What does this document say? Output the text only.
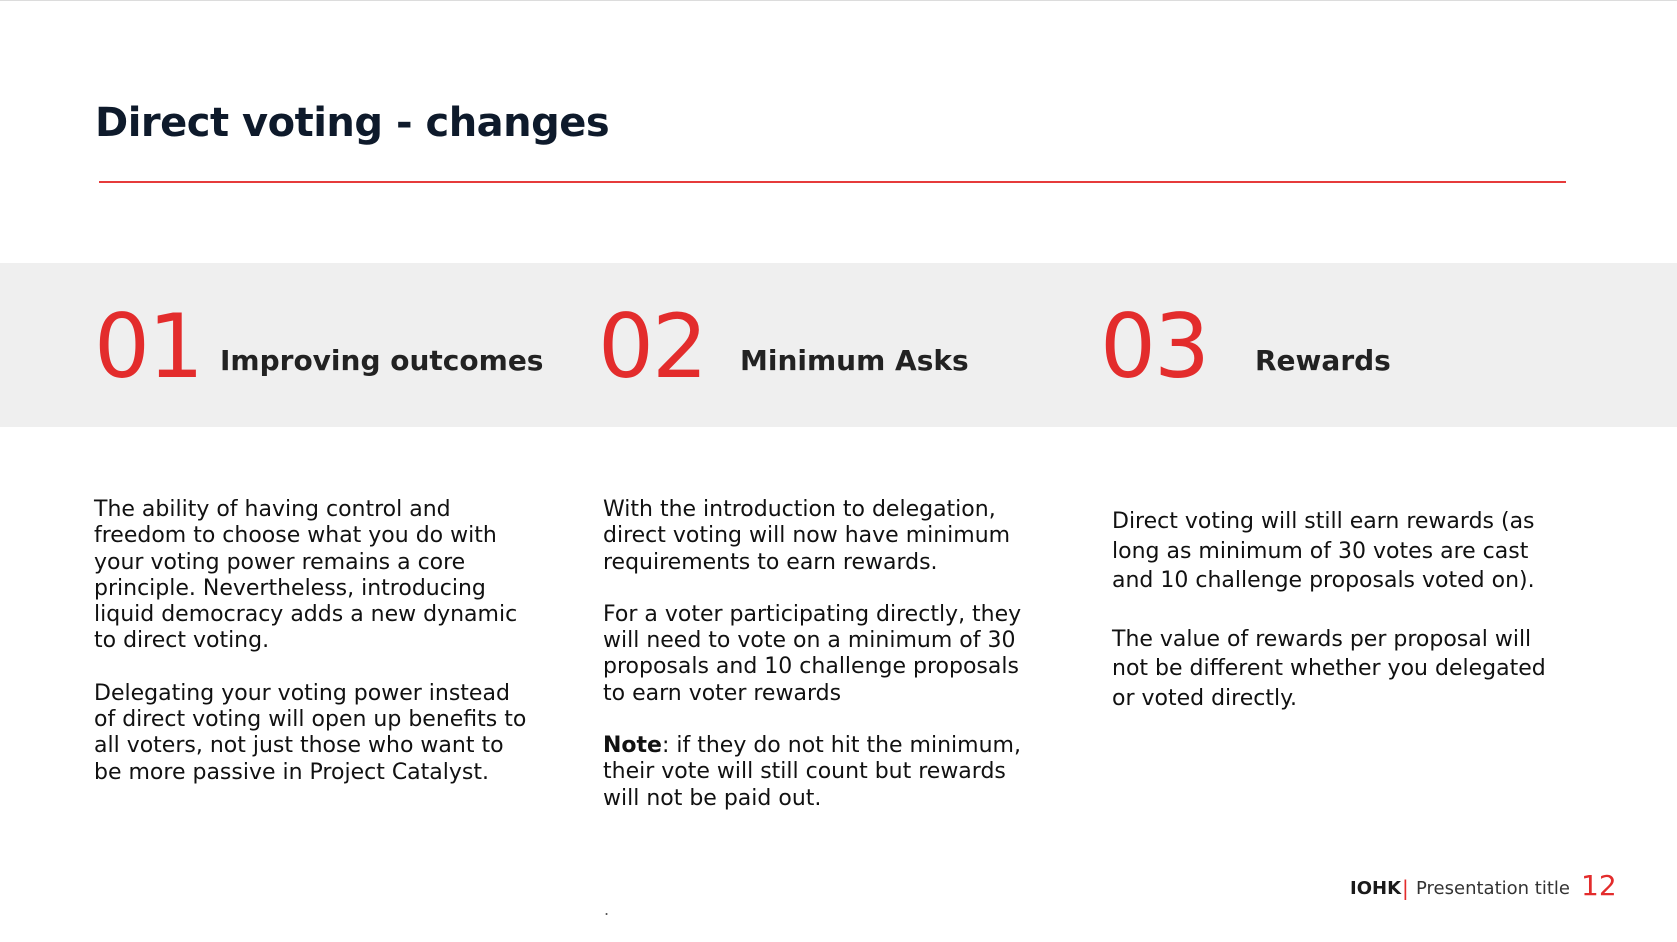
Direct voting - changes
01 Improving outcomes 02 Minimum Asks 03 Rewards

The ability of having control and freedom to choose what you do with your voting power remains a core principle. Nevertheless, introducing liquid democracy adds a new dynamic to direct voting.

Delegating your voting power instead of direct voting will open up benefits to all voters, not just those who want to be more passive in Project Catalyst.

With the introduction to delegation, direct voting will now have minimum requirements to earn rewards.

For a voter participating directly, they will need to vote on a minimum of 30 proposals and 10 challenge proposals to earn voter rewards

Note: if they do not hit the minimum, their vote will still count but rewards will not be paid out.

Direct voting will still earn rewards (as long as minimum of 30 votes are cast and 10 challenge proposals voted on).

The value of rewards per proposal will not be different whether you delegated or voted directly.

.
IOHK | Presentation title 12
